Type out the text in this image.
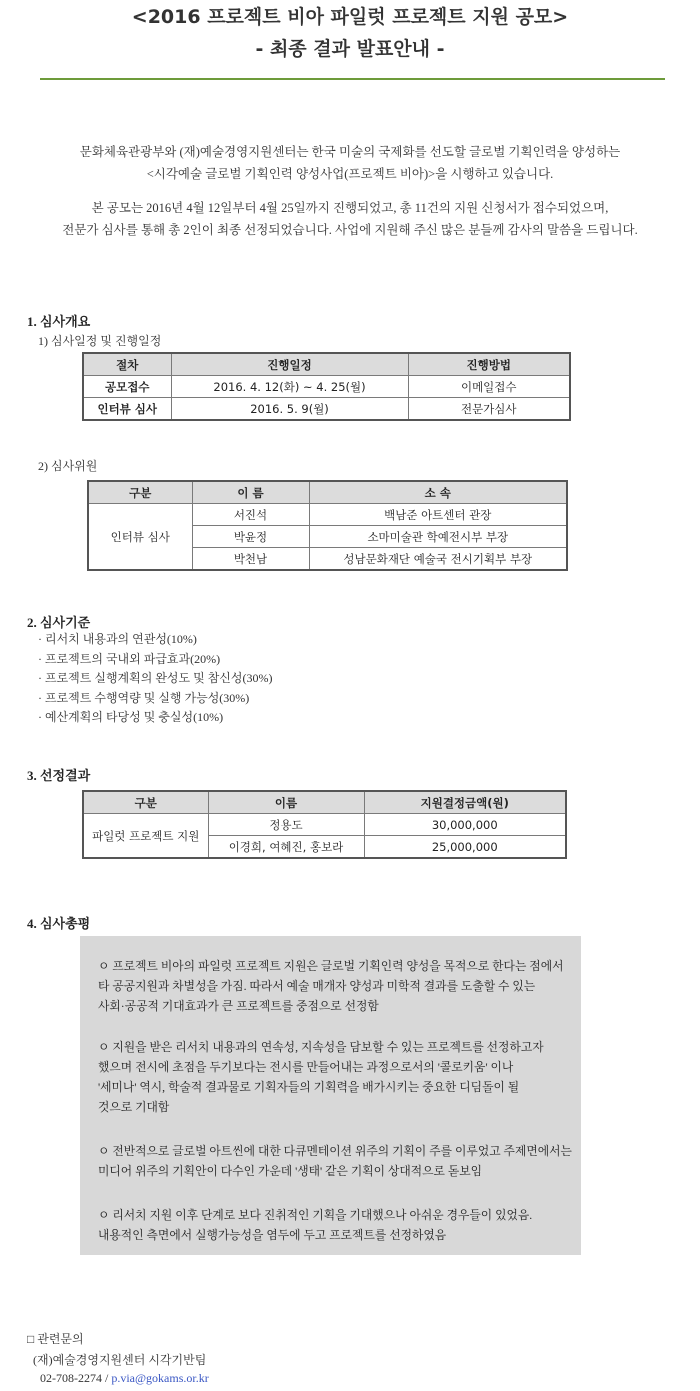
<2016 프로젝트 비아 파일럿 프로젝트 지원 공모>
- 최종 결과 발표안내 -
문화체육관광부와 (재)예술경영지원센터는 한국 미술의 국제화를 선도할 글로벌 기획인력을 양성하는
<시각예술 글로벌 기획인력 양성사업(프로젝트 비아)>을 시행하고 있습니다.
본 공모는 2016년 4월 12일부터 4월 25일까지 진행되었고, 총 11건의 지원 신청서가 접수되었으며,
전문가 심사를 통해 총 2인이 최종 선정되었습니다. 사업에 지원해 주신 많은 분들께 감사의 말씀을 드립니다.
1. 심사개요
1) 심사일정 및 진행일정
절차	진행일정	진행방법
공모접수	2016. 4. 12(화) ~ 4. 25(월)	이메일접수
인터뷰 심사	2016. 5. 9(월)	전문가심사
2) 심사위원
구분	이 름	소 속
인터뷰 심사	서진석	백남준 아트센터 관장
	박윤정	소마미술관 학예전시부 부장
	박천남	성남문화재단 예술국 전시기획부 부장
2. 심사기준
· 리서치 내용과의 연관성(10%)
· 프로젝트의 국내외 파급효과(20%)
· 프로젝트 실행계획의 완성도 및 참신성(30%)
· 프로젝트 수행역량 및 실행 가능성(30%)
· 예산계획의 타당성 및 충실성(10%)
3. 선정결과
구분	이름	지원결정금액(원)
파일럿 프로젝트 지원	정용도	30,000,000
	이경희, 여혜진, 홍보라	25,000,000
4. 심사총평
ㅇ 프로젝트 비아의 파일럿 프로젝트 지원은 글로벌 기획인력 양성을 목적으로 한다는 점에서
타 공공지원과 차별성을 가짐. 따라서 예술 매개자 양성과 미학적 결과를 도출할 수 있는
사회·공공적 기대효과가 큰 프로젝트를 중점으로 선정함
ㅇ 지원을 받은 리서치 내용과의 연속성, 지속성을 담보할 수 있는 프로젝트를 선정하고자
했으며 전시에 초점을 두기보다는 전시를 만들어내는 과정으로서의 '콜로키움' 이나
'세미나' 역시, 학술적 결과물로 기획자들의 기획력을 배가시키는 중요한 디딤돌이 될
것으로 기대함
ㅇ 전반적으로 글로벌 아트씬에 대한 다큐멘테이션 위주의 기획이 주를 이루었고 주제면에서는
미디어 위주의 기획안이 다수인 가운데 '생태' 같은 기획이 상대적으로 돋보임
ㅇ 리서치 지원 이후 단계로 보다 진취적인 기획을 기대했으나 아쉬운 경우들이 있었음.
내용적인 측면에서 실행가능성을 염두에 두고 프로젝트를 선정하였음
□ 관련문의
(재)예술경영지원센터 시각기반팀
02-708-2274 / p.via@gokams.or.kr
